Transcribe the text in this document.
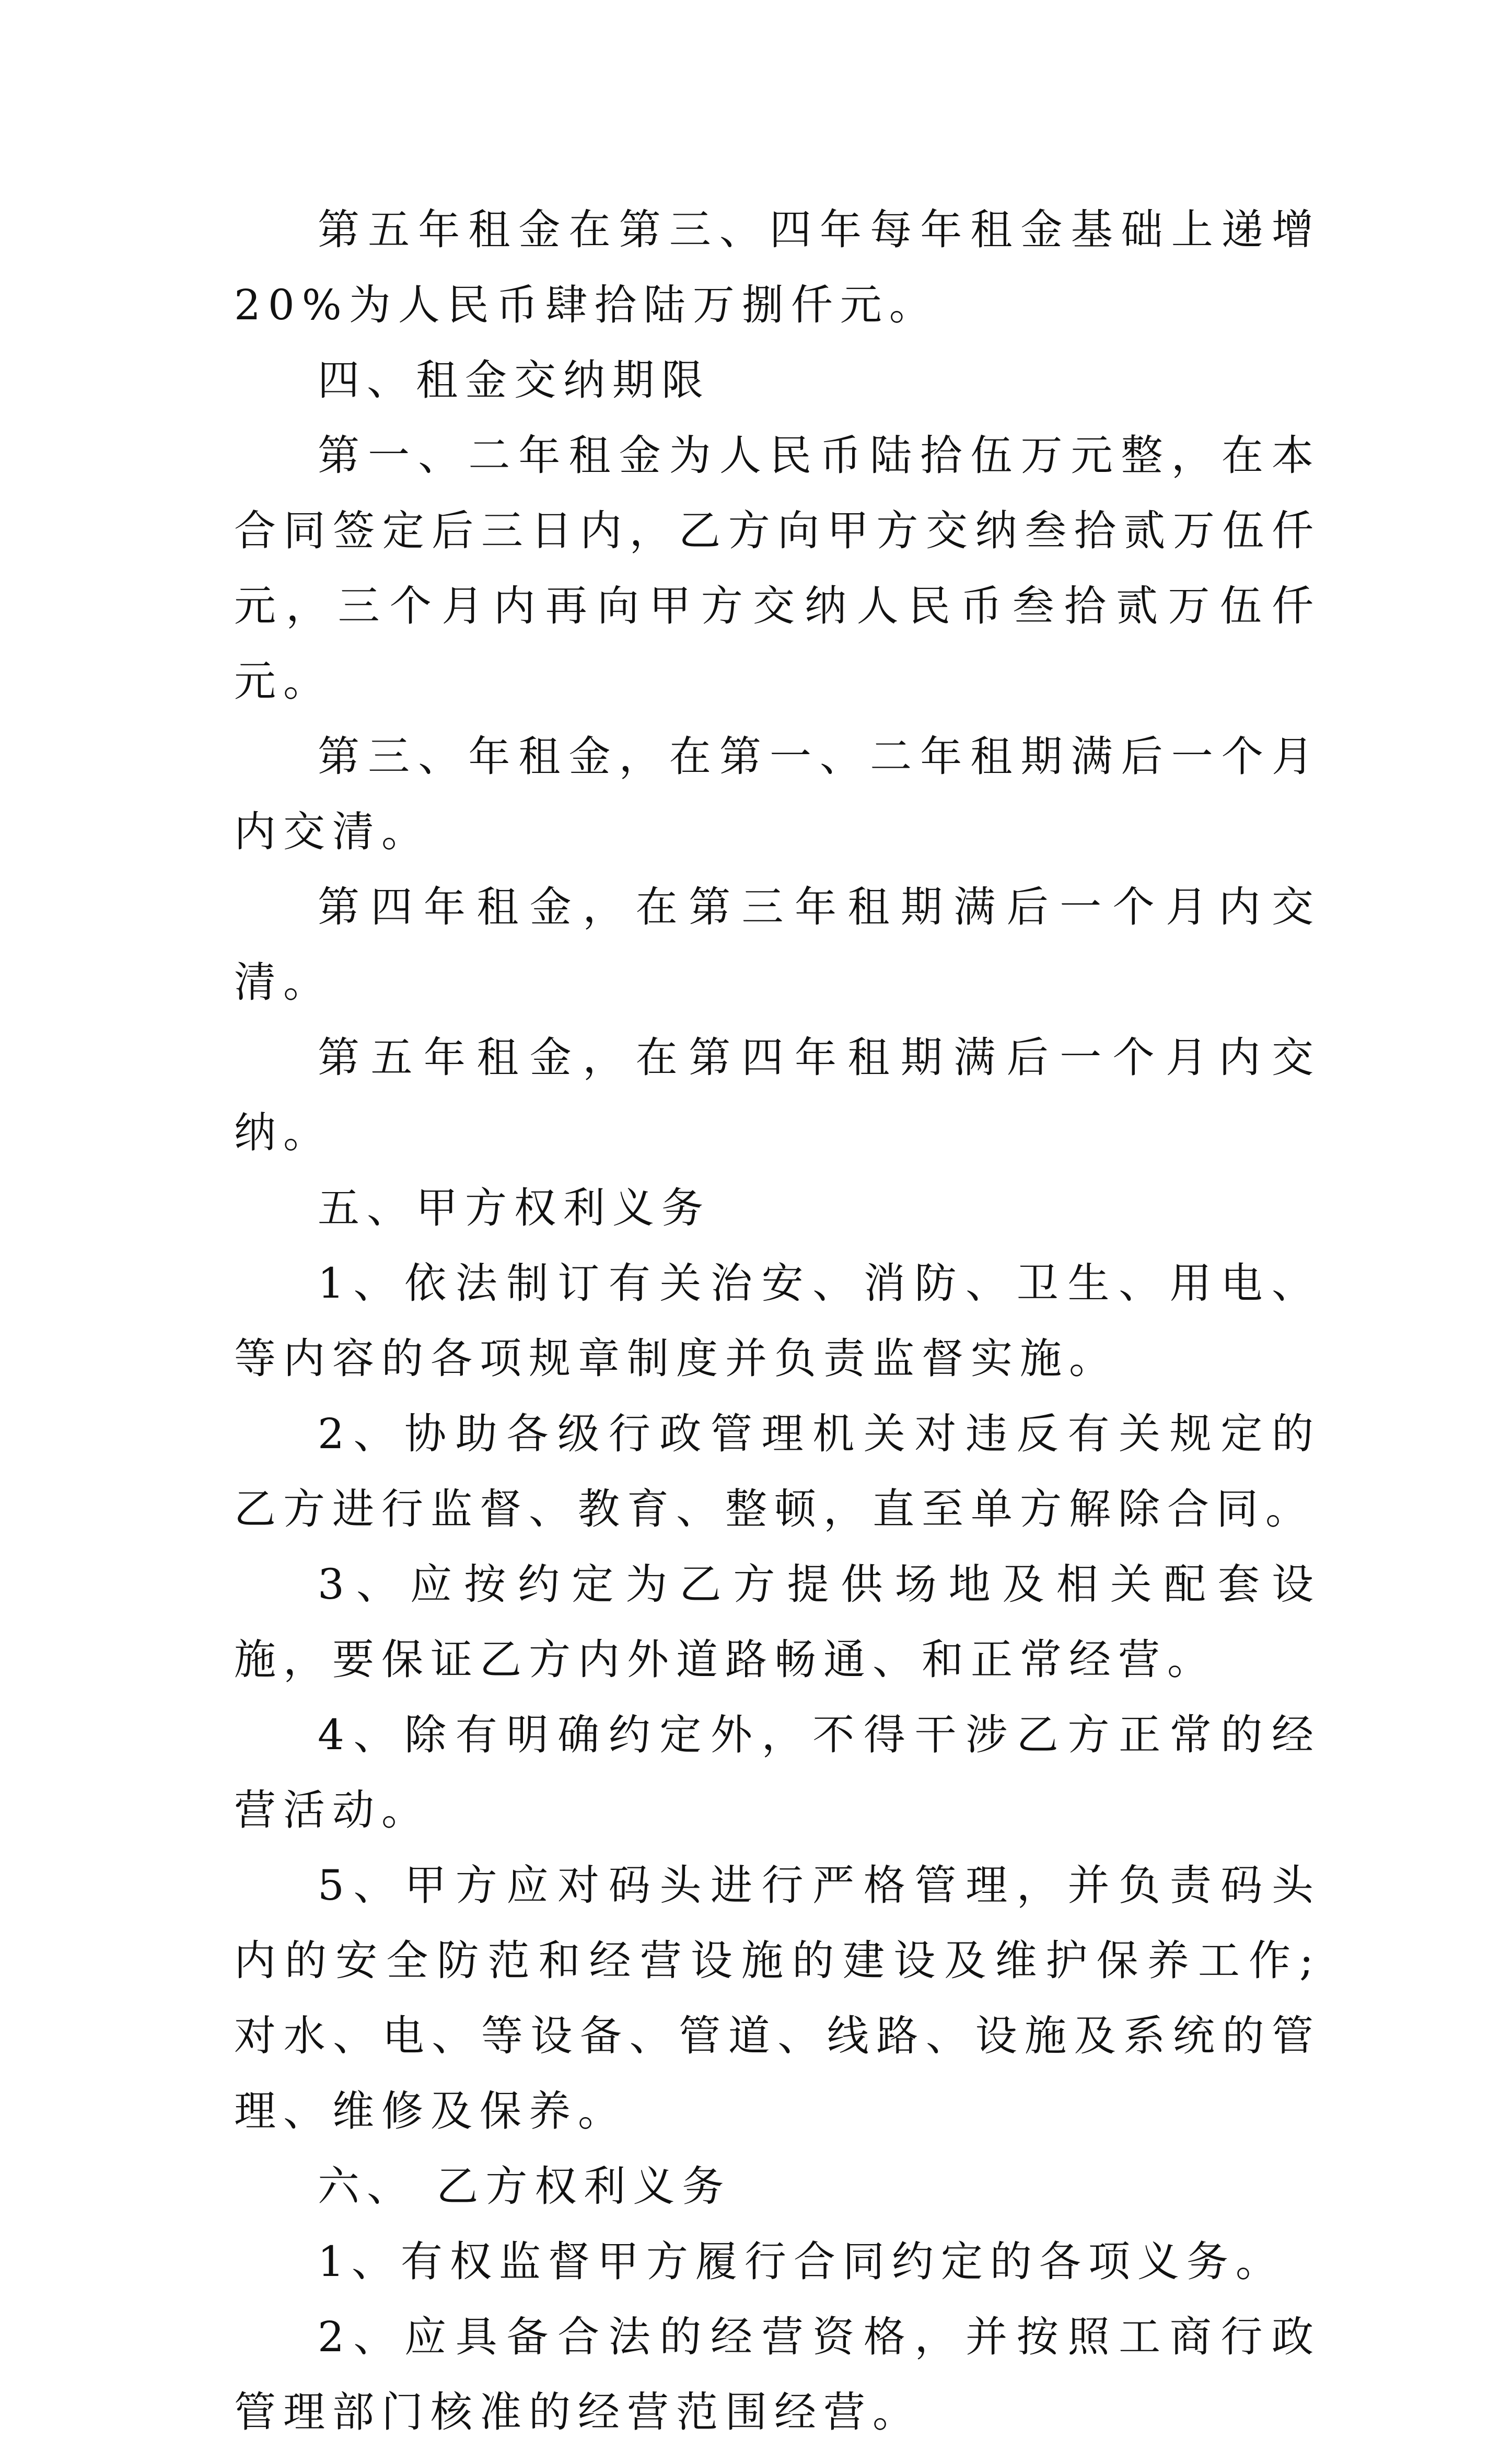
第五年租金在第三、四年每年租金基础上递增20%为人民币肆拾陆万捌仟元。

四、租金交纳期限

第一、二年租金为人民币陆拾伍万元整，在本合同签定后三日内，乙方向甲方交纳叁拾贰万伍仟元，三个月内再向甲方交纳人民币叁拾贰万伍仟元。

第三、年租金，在第一、二年租期满后一个月内交清。

第四年租金，在第三年租期满后一个月内交清。

第五年租金，在第四年租期满后一个月内交纳。

五、甲方权利义务

1、依法制订有关治安、消防、卫生、用电、等内容的各项规章制度并负责监督实施。

2、协助各级行政管理机关对违反有关规定的乙方进行监督、教育、整顿，直至单方解除合同。

3、应按约定为乙方提供场地及相关配套设施，要保证乙方内外道路畅通、和正常经营。

4、除有明确约定外，不得干涉乙方正常的经营活动。

5、甲方应对码头进行严格管理，并负责码头内的安全防范和经营设施的建设及维护保养工作;对水、电、等设备、管道、线路、设施及系统的管理、维修及保养。

六、 乙方权利义务

1、有权监督甲方履行合同约定的各项义务。

2、应具备合法的经营资格，并按照工商行政管理部门核准的经营范围经营。
